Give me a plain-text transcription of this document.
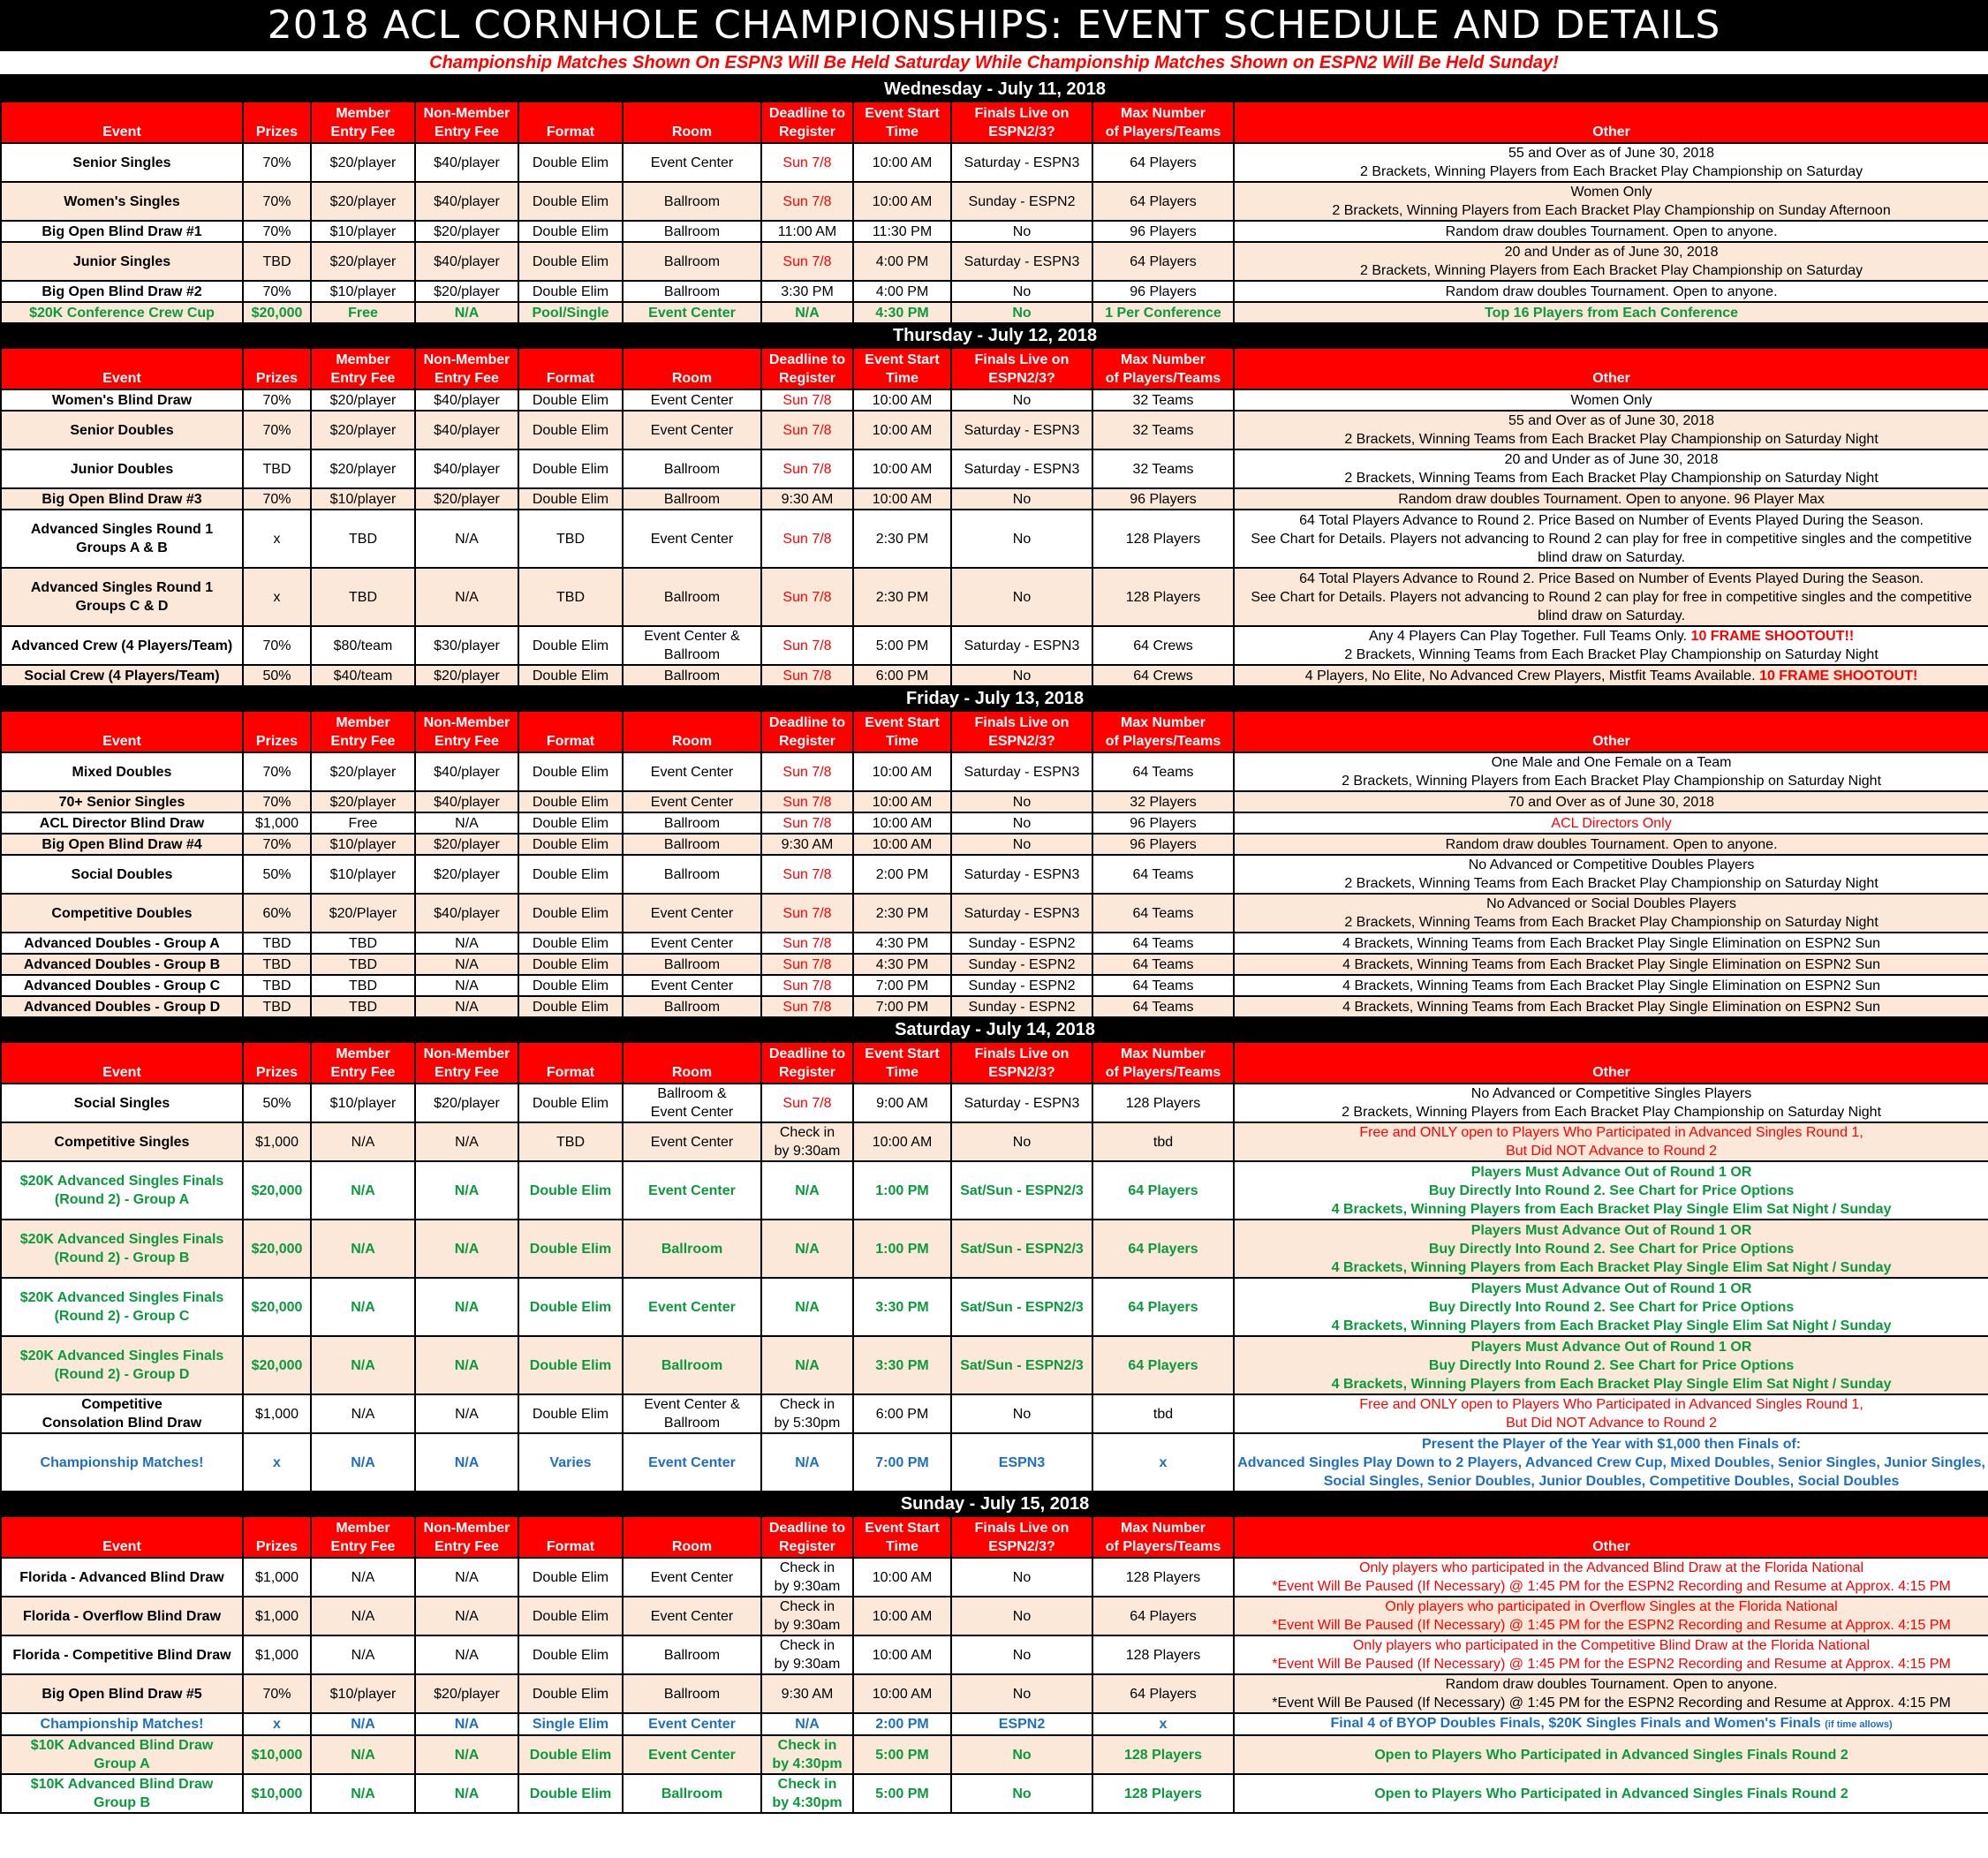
2018 ACL CORNHOLE CHAMPIONSHIPS: EVENT SCHEDULE AND DETAILS
Championship Matches Shown On ESPN3 Will Be Held Saturday While Championship Matches Shown on ESPN2 Will Be Held Sunday!
Wednesday - July 11, 2018										
Event	Prizes	Member
Entry Fee	Non-Member
Entry Fee	Format	Room	Deadline to
Register	Event Start
Time	Finals Live on
ESPN2/3?	Max Number
of Players/Teams	Other
Senior Singles	70%	$20/player	$40/player	Double Elim	Event Center	Sun 7/8	10:00 AM	Saturday - ESPN3	64 Players	55 and Over as of June 30, 2018
2 Brackets, Winning Players from Each Bracket Play Championship on Saturday
Women's Singles	70%	$20/player	$40/player	Double Elim	Ballroom	Sun 7/8	10:00 AM	Sunday - ESPN2	64 Players	Women Only
2 Brackets, Winning Players from Each Bracket Play Championship on Sunday Afternoon
Big Open Blind Draw #1	70%	$10/player	$20/player	Double Elim	Ballroom	11:00 AM	11:30 PM	No	96 Players	Random draw doubles Tournament. Open to anyone.
Junior Singles	TBD	$20/player	$40/player	Double Elim	Ballroom	Sun 7/8	4:00 PM	Saturday - ESPN3	64 Players	20 and Under as of June 30, 2018
2 Brackets, Winning Players from Each Bracket Play Championship on Saturday
Big Open Blind Draw #2	70%	$10/player	$20/player	Double Elim	Ballroom	3:30 PM	4:00 PM	No	96 Players	Random draw doubles Tournament. Open to anyone.
$20K Conference Crew Cup	$20,000	Free	N/A	Pool/Single	Event Center	N/A	4:30 PM	No	1 Per Conference	Top 16 Players from Each Conference
Thursday - July 12, 2018										
Event	Prizes	Member
Entry Fee	Non-Member
Entry Fee	Format	Room	Deadline to
Register	Event Start
Time	Finals Live on
ESPN2/3?	Max Number
of Players/Teams	Other
Women's Blind Draw	70%	$20/player	$40/player	Double Elim	Event Center	Sun 7/8	10:00 AM	No	32 Teams	Women Only
Senior Doubles	70%	$20/player	$40/player	Double Elim	Event Center	Sun 7/8	10:00 AM	Saturday - ESPN3	32 Teams	55 and Over as of June 30, 2018
2 Brackets, Winning Teams from Each Bracket Play Championship on Saturday Night
Junior Doubles	TBD	$20/player	$40/player	Double Elim	Ballroom	Sun 7/8	10:00 AM	Saturday - ESPN3	32 Teams	20 and Under as of June 30, 2018
2 Brackets, Winning Teams from Each Bracket Play Championship on Saturday Night
Big Open Blind Draw #3	70%	$10/player	$20/player	Double Elim	Ballroom	9:30 AM	10:00 AM	No	96 Players	Random draw doubles Tournament. Open to anyone. 96 Player Max
Advanced Singles Round 1
Groups A & B	x	TBD	N/A	TBD	Event Center	Sun 7/8	2:30 PM	No	128 Players	64 Total Players Advance to Round 2. Price Based on Number of Events Played During the Season.
See Chart for Details. Players not advancing to Round 2 can play for free in competitive singles and the competitive blind draw on Saturday.
Advanced Singles Round 1
Groups C & D	x	TBD	N/A	TBD	Ballroom	Sun 7/8	2:30 PM	No	128 Players	64 Total Players Advance to Round 2. Price Based on Number of Events Played During the Season.
See Chart for Details. Players not advancing to Round 2 can play for free in competitive singles and the competitive blind draw on Saturday.
Advanced Crew (4 Players/Team)	70%	$80/team	$30/player	Double Elim	Event Center &
Ballroom	Sun 7/8	5:00 PM	Saturday - ESPN3	64 Crews	Any 4 Players Can Play Together. Full Teams Only. 10 FRAME SHOOTOUT!!
2 Brackets, Winning Teams from Each Bracket Play Championship on Saturday Night
Social Crew (4 Players/Team)	50%	$40/team	$20/player	Double Elim	Ballroom	Sun 7/8	6:00 PM	No	64 Crews	4 Players, No Elite, No Advanced Crew Players, Mistfit Teams Available. 10 FRAME SHOOTOUT!
Friday - July 13, 2018										
Event	Prizes	Member
Entry Fee	Non-Member
Entry Fee	Format	Room	Deadline to
Register	Event Start
Time	Finals Live on
ESPN2/3?	Max Number
of Players/Teams	Other
Mixed Doubles	70%	$20/player	$40/player	Double Elim	Event Center	Sun 7/8	10:00 AM	Saturday - ESPN3	64 Teams	One Male and One Female on a Team
2 Brackets, Winning Players from Each Bracket Play Championship on Saturday Night
70+ Senior Singles	70%	$20/player	$40/player	Double Elim	Event Center	Sun 7/8	10:00 AM	No	32 Players	70 and Over as of June 30, 2018
ACL Director Blind Draw	$1,000	Free	N/A	Double Elim	Ballroom	Sun 7/8	10:00 AM	No	96 Players	ACL Directors Only
Big Open Blind Draw #4	70%	$10/player	$20/player	Double Elim	Ballroom	9:30 AM	10:00 AM	No	96 Players	Random draw doubles Tournament. Open to anyone.
Social Doubles	50%	$10/player	$20/player	Double Elim	Ballroom	Sun 7/8	2:00 PM	Saturday - ESPN3	64 Teams	No Advanced or Competitive Doubles Players
2 Brackets, Winning Teams from Each Bracket Play Championship on Saturday Night
Competitive Doubles	60%	$20/Player	$40/player	Double Elim	Event Center	Sun 7/8	2:30 PM	Saturday - ESPN3	64 Teams	No Advanced or Social Doubles Players
2 Brackets, Winning Teams from Each Bracket Play Championship on Saturday Night
Advanced Doubles - Group A	TBD	TBD	N/A	Double Elim	Event Center	Sun 7/8	4:30 PM	Sunday - ESPN2	64 Teams	4 Brackets, Winning Teams from Each Bracket Play Single Elimination on ESPN2 Sun
Advanced Doubles - Group B	TBD	TBD	N/A	Double Elim	Ballroom	Sun 7/8	4:30 PM	Sunday - ESPN2	64 Teams	4 Brackets, Winning Teams from Each Bracket Play Single Elimination on ESPN2 Sun
Advanced Doubles - Group C	TBD	TBD	N/A	Double Elim	Event Center	Sun 7/8	7:00 PM	Sunday - ESPN2	64 Teams	4 Brackets, Winning Teams from Each Bracket Play Single Elimination on ESPN2 Sun
Advanced Doubles - Group D	TBD	TBD	N/A	Double Elim	Ballroom	Sun 7/8	7:00 PM	Sunday - ESPN2	64 Teams	4 Brackets, Winning Teams from Each Bracket Play Single Elimination on ESPN2 Sun
Saturday - July 14, 2018										
Event	Prizes	Member
Entry Fee	Non-Member
Entry Fee	Format	Room	Deadline to
Register	Event Start
Time	Finals Live on
ESPN2/3?	Max Number
of Players/Teams	Other
Social Singles	50%	$10/player	$20/player	Double Elim	Ballroom &
Event Center	Sun 7/8	9:00 AM	Saturday - ESPN3	128 Players	No Advanced or Competitive Singles Players
2 Brackets, Winning Players from Each Bracket Play Championship on Saturday Night
Competitive Singles	$1,000	N/A	N/A	TBD	Event Center	Check in
by 9:30am	10:00 AM	No	tbd	Free and ONLY open to Players Who Participated in Advanced Singles Round 1,
But Did NOT Advance to Round 2
$20K Advanced Singles Finals
(Round 2) - Group A	$20,000	N/A	N/A	Double Elim	Event Center	N/A	1:00 PM	Sat/Sun - ESPN2/3	64 Players	Players Must Advance Out of Round 1 OR
Buy Directly Into Round 2. See Chart for Price Options
4 Brackets, Winning Players from Each Bracket Play Single Elim Sat Night / Sunday
$20K Advanced Singles Finals
(Round 2) - Group B	$20,000	N/A	N/A	Double Elim	Ballroom	N/A	1:00 PM	Sat/Sun - ESPN2/3	64 Players	Players Must Advance Out of Round 1 OR
Buy Directly Into Round 2. See Chart for Price Options
4 Brackets, Winning Players from Each Bracket Play Single Elim Sat Night / Sunday
$20K Advanced Singles Finals
(Round 2) - Group C	$20,000	N/A	N/A	Double Elim	Event Center	N/A	3:30 PM	Sat/Sun - ESPN2/3	64 Players	Players Must Advance Out of Round 1 OR
Buy Directly Into Round 2. See Chart for Price Options
4 Brackets, Winning Players from Each Bracket Play Single Elim Sat Night / Sunday
$20K Advanced Singles Finals
(Round 2) - Group D	$20,000	N/A	N/A	Double Elim	Ballroom	N/A	3:30 PM	Sat/Sun - ESPN2/3	64 Players	Players Must Advance Out of Round 1 OR
Buy Directly Into Round 2. See Chart for Price Options
4 Brackets, Winning Players from Each Bracket Play Single Elim Sat Night / Sunday
Competitive
Consolation Blind Draw	$1,000	N/A	N/A	Double Elim	Event Center &
Ballroom	Check in
by 5:30pm	6:00 PM	No	tbd	Free and ONLY open to Players Who Participated in Advanced Singles Round 1,
But Did NOT Advance to Round 2
Championship Matches!	x	N/A	N/A	Varies	Event Center	N/A	7:00 PM	ESPN3	x	Present the Player of the Year with $1,000 then Finals of:
Advanced Singles Play Down to 2 Players, Advanced Crew Cup, Mixed Doubles, Senior Singles, Junior Singles,
Social Singles, Senior Doubles, Junior Doubles, Competitive Doubles, Social Doubles
Sunday - July 15, 2018										
Event	Prizes	Member
Entry Fee	Non-Member
Entry Fee	Format	Room	Deadline to
Register	Event Start
Time	Finals Live on
ESPN2/3?	Max Number
of Players/Teams	Other
Florida - Advanced Blind Draw	$1,000	N/A	N/A	Double Elim	Event Center	Check in
by 9:30am	10:00 AM	No	128 Players	Only players who participated in the Advanced Blind Draw at the Florida National
*Event Will Be Paused (If Necessary) @ 1:45 PM for the ESPN2 Recording and Resume at Approx. 4:15 PM
Florida - Overflow Blind Draw	$1,000	N/A	N/A	Double Elim	Event Center	Check in
by 9:30am	10:00 AM	No	64 Players	Only players who participated in Overflow Singles at the Florida National
*Event Will Be Paused (If Necessary) @ 1:45 PM for the ESPN2 Recording and Resume at Approx. 4:15 PM
Florida - Competitive Blind Draw	$1,000	N/A	N/A	Double Elim	Ballroom	Check in
by 9:30am	10:00 AM	No	128 Players	Only players who participated in the Competitive Blind Draw at the Florida National
*Event Will Be Paused (If Necessary) @ 1:45 PM for the ESPN2 Recording and Resume at Approx. 4:15 PM
Big Open Blind Draw #5	70%	$10/player	$20/player	Double Elim	Ballroom	9:30 AM	10:00 AM	No	64 Players	Random draw doubles Tournament. Open to anyone.
*Event Will Be Paused (If Necessary) @ 1:45 PM for the ESPN2 Recording and Resume at Approx. 4:15 PM
Championship Matches!	x	N/A	N/A	Single Elim	Event Center	N/A	2:00 PM	ESPN2	x	Final 4 of BYOP Doubles Finals, $20K Singles Finals and Women's Finals (if time allows)
$10K Advanced Blind Draw
Group A	$10,000	N/A	N/A	Double Elim	Event Center	Check in
by 4:30pm	5:00 PM	No	128 Players	Open to Players Who Participated in Advanced Singles Finals Round 2
$10K Advanced Blind Draw
Group B	$10,000	N/A	N/A	Double Elim	Ballroom	Check in
by 4:30pm	5:00 PM	No	128 Players	Open to Players Who Participated in Advanced Singles Finals Round 2
